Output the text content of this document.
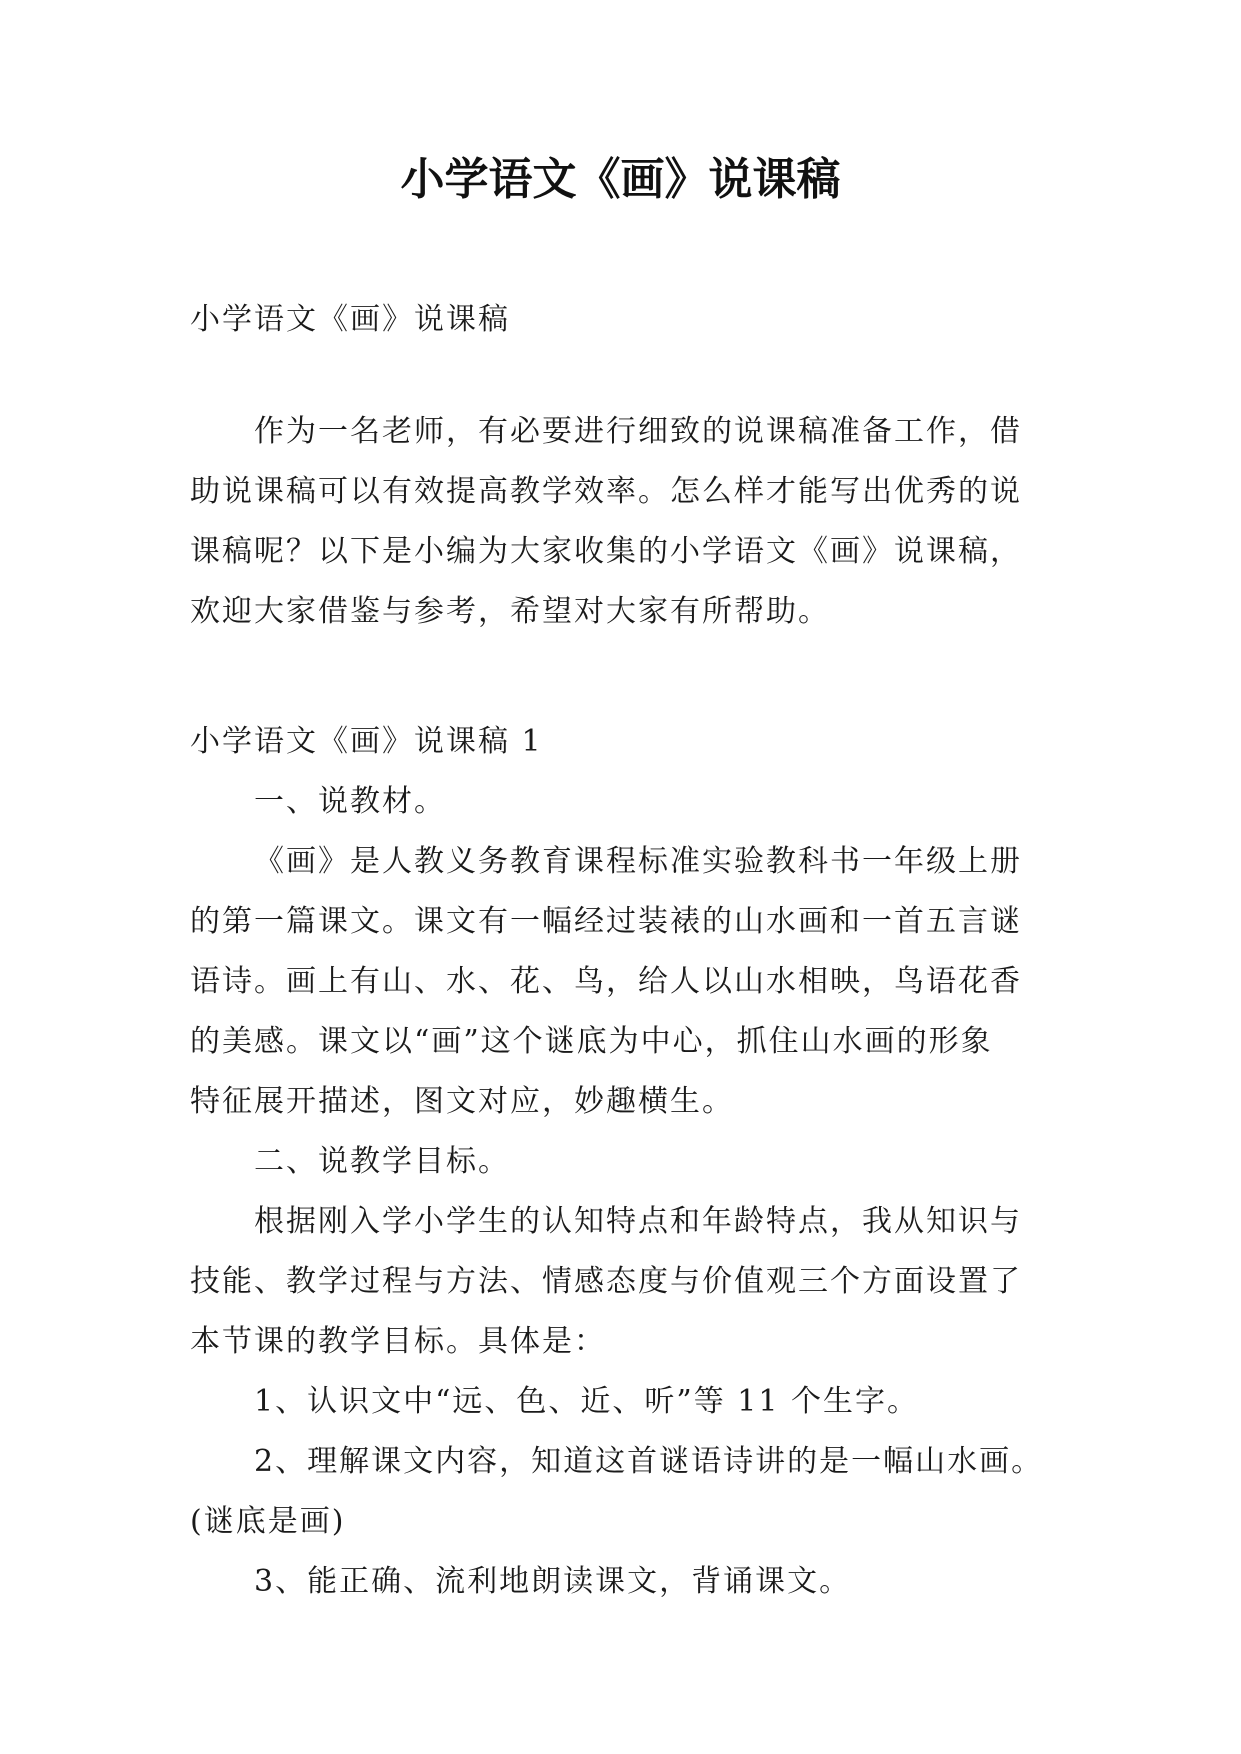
小学语文《画》说课稿

小学语文《画》说课稿

作为一名老师，有必要进行细致的说课稿准备工作，借

助说课稿可以有效提高教学效率。怎么样才能写出优秀的说

课稿呢？以下是小编为大家收集的小学语文《画》说课稿，

欢迎大家借鉴与参考，希望对大家有所帮助。

小学语文《画》说课稿 1

一、说教材。

《画》是人教义务教育课程标准实验教科书一年级上册

的第一篇课文。课文有一幅经过装裱的山水画和一首五言谜

语诗。画上有山、水、花、鸟，给人以山水相映，鸟语花香

的美感。课文以“画”这个谜底为中心，抓住山水画的形象

特征展开描述，图文对应，妙趣横生。

二、说教学目标。

根据刚入学小学生的认知特点和年龄特点，我从知识与

技能、教学过程与方法、情感态度与价值观三个方面设置了

本节课的教学目标。具体是：

1、认识文中“远、色、近、听”等 11 个生字。

2、理解课文内容，知道这首谜语诗讲的是一幅山水画。

(谜底是画)

3、能正确、流利地朗读课文，背诵课文。
